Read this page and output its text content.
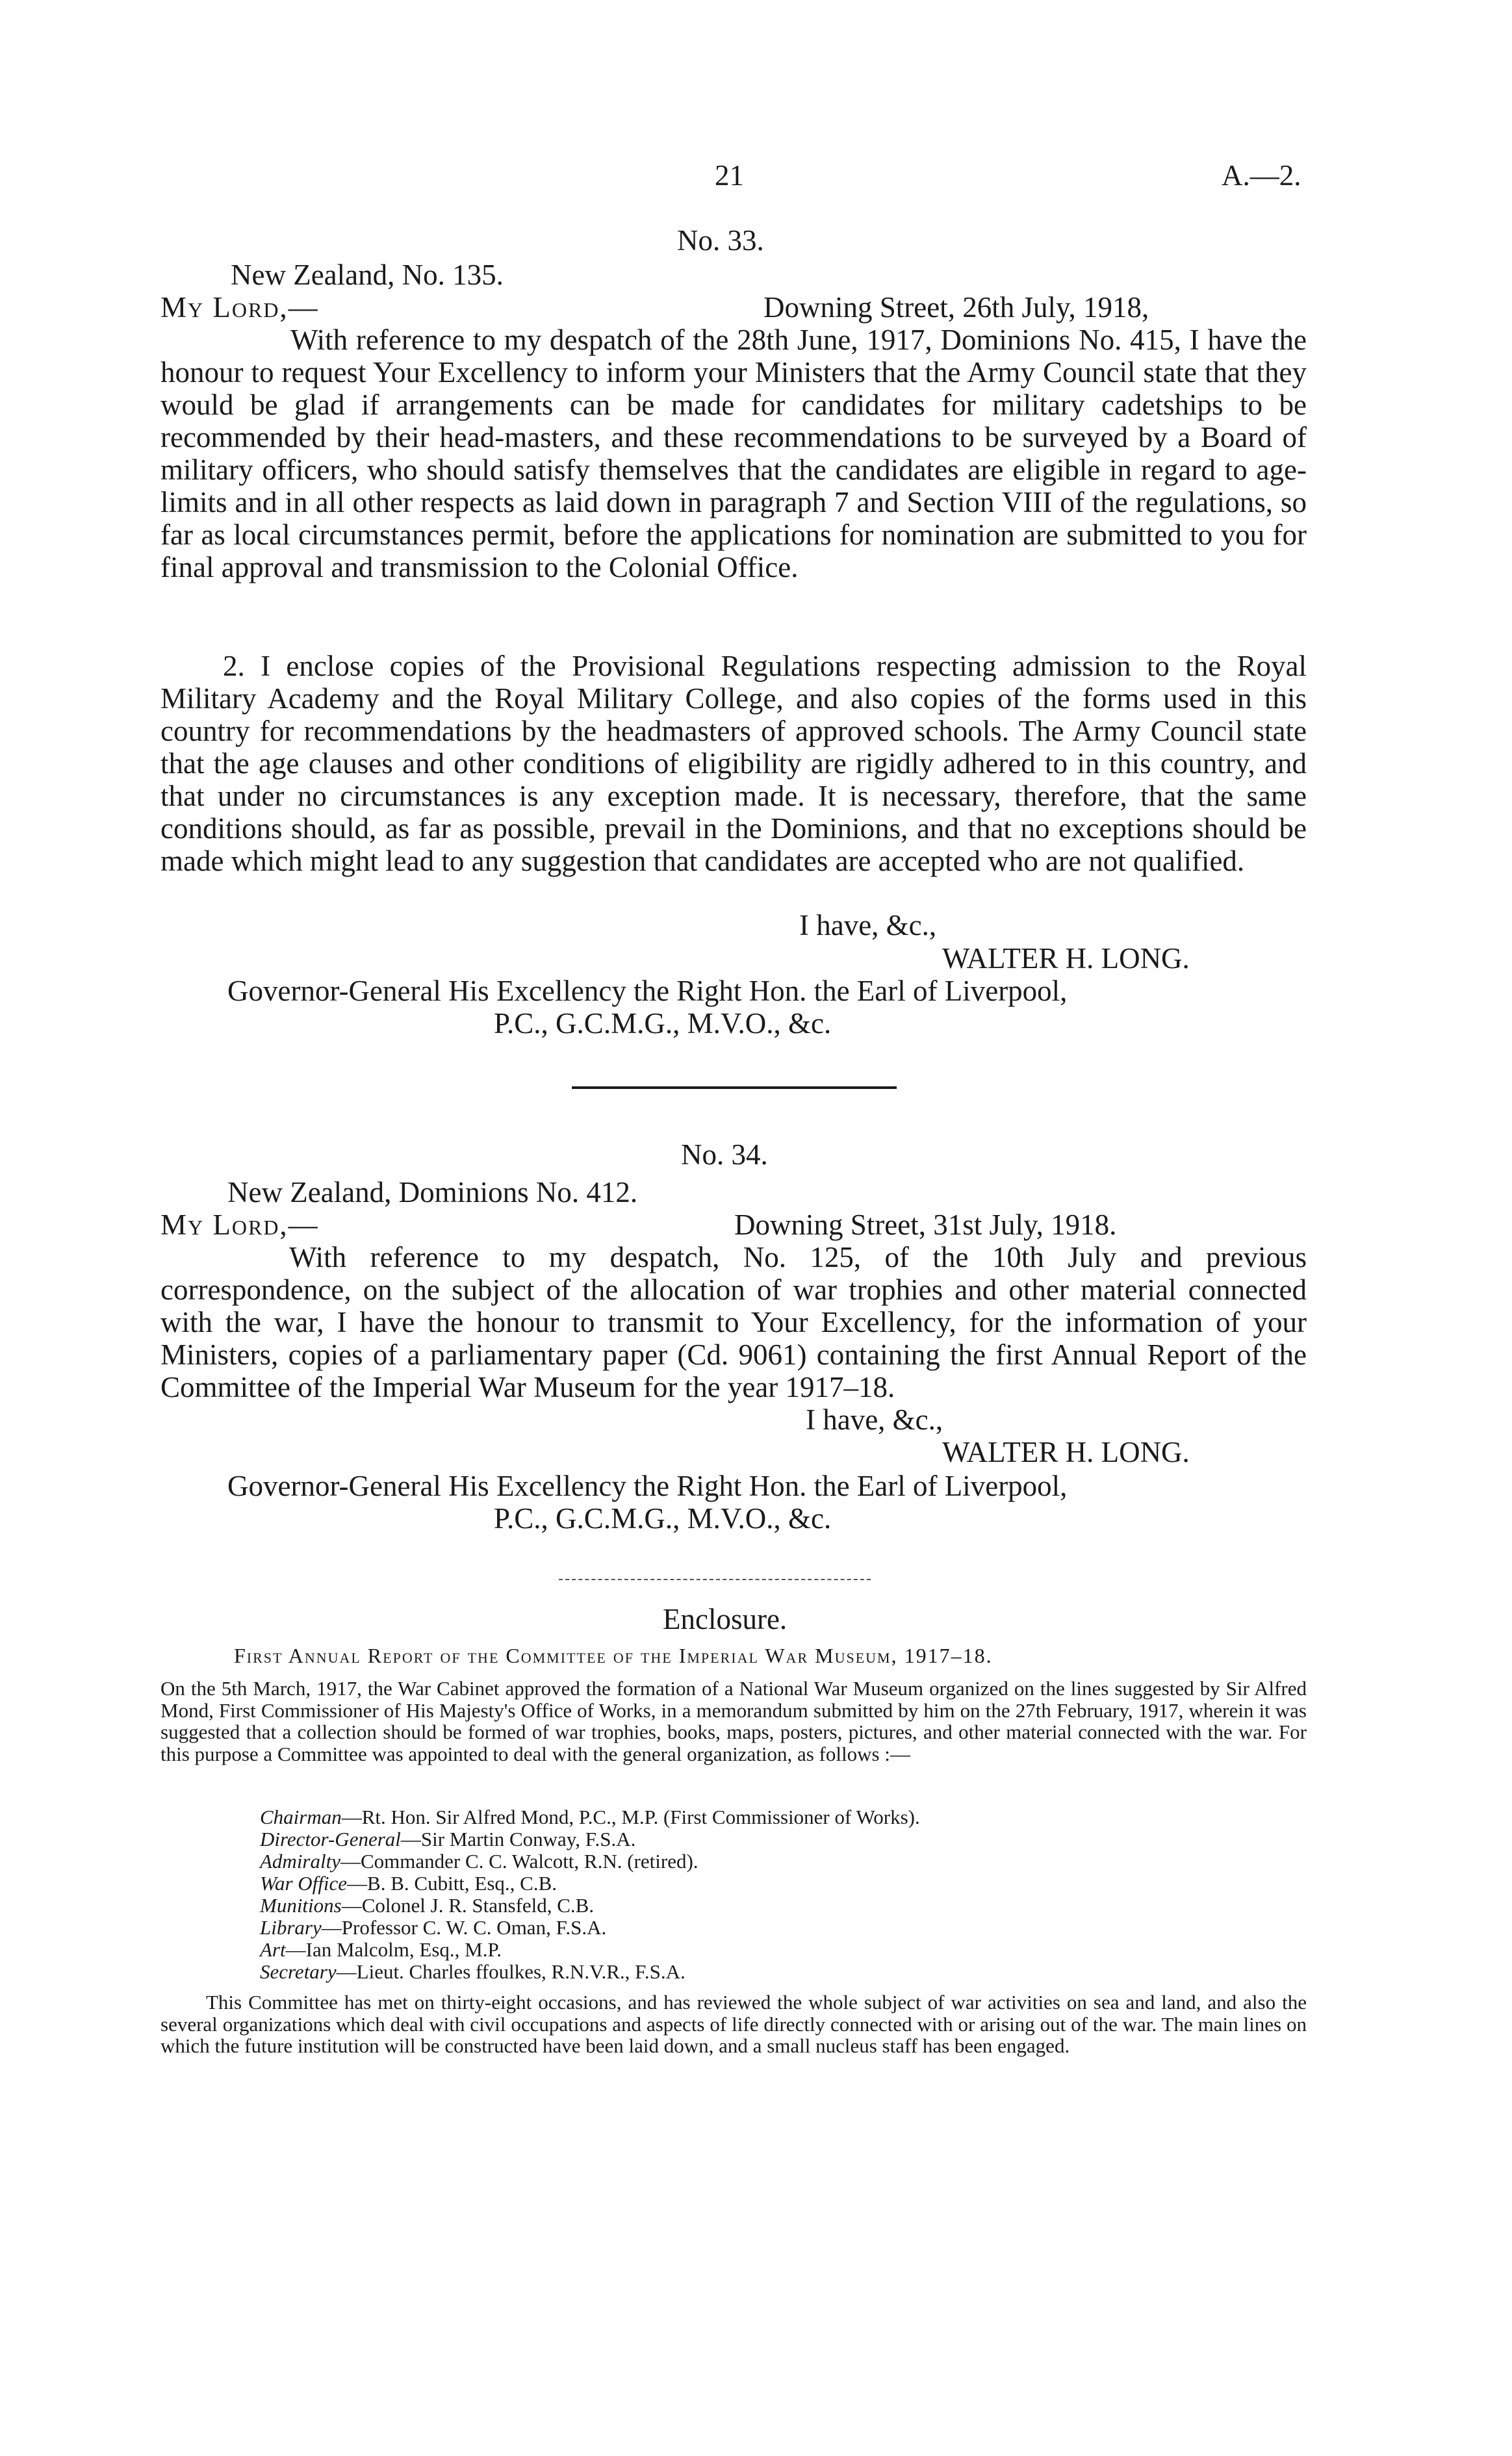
21	A.—2.
No. 33.
New Zealand, No. 135.
My Lord,—	Downing Street, 26th July, 1918,
With reference to my despatch of the 28th June, 1917, Dominions No. 415, I have the honour to request Your Excellency to inform your Ministers that the Army Council state that they would be glad if arrangements can be made for candidates for military cadetships to be recommended by their head-masters, and these recommendations to be surveyed by a Board of military officers, who should satisfy themselves that the candidates are eligible in regard to age-limits and in all other respects as laid down in paragraph 7 and Section VIII of the regulations, so far as local circumstances permit, before the applications for nomination are submitted to you for final approval and transmission to the Colonial Office.
2. I enclose copies of the Provisional Regulations respecting admission to the Royal Military Academy and the Royal Military College, and also copies of the forms used in this country for recommendations by the headmasters of approved schools. The Army Council state that the age clauses and other conditions of eligibility are rigidly adhered to in this country, and that under no circumstances is any exception made. It is necessary, therefore, that the same conditions should, as far as possible, prevail in the Dominions, and that no exceptions should be made which might lead to any suggestion that candidates are accepted who are not qualified.
I have, &c.,
WALTER H. LONG.
Governor-General His Excellency the Right Hon. the Earl of Liverpool,
P.C., G.C.M.G., M.V.O., &c.
No. 34.
New Zealand, Dominions No. 412.
My Lord,—	Downing Street, 31st July, 1918.
With reference to my despatch, No. 125, of the 10th July and previous correspondence, on the subject of the allocation of war trophies and other material connected with the war, I have the honour to transmit to Your Excellency, for the information of your Ministers, copies of a parliamentary paper (Cd. 9061) containing the first Annual Report of the Committee of the Imperial War Museum for the year 1917–18.
I have, &c.,
WALTER H. LONG.
Governor-General His Excellency the Right Hon. the Earl of Liverpool,
P.C., G.C.M.G., M.V.O., &c.
Enclosure.
First Annual Report of the Committee of the Imperial War Museum, 1917–18.
On the 5th March, 1917, the War Cabinet approved the formation of a National War Museum organized on the lines suggested by Sir Alfred Mond, First Commissioner of His Majesty's Office of Works, in a memorandum submitted by him on the 27th February, 1917, wherein it was suggested that a collection should be formed of war trophies, books, maps, posters, pictures, and other material connected with the war. For this purpose a Committee was appointed to deal with the general organization, as follows :—
Chairman—Rt. Hon. Sir Alfred Mond, P.C., M.P. (First Commissioner of Works).
Director-General—Sir Martin Conway, F.S.A.
Admiralty—Commander C. C. Walcott, R.N. (retired).
War Office—B. B. Cubitt, Esq., C.B.
Munitions—Colonel J. R. Stansfeld, C.B.
Library—Professor C. W. C. Oman, F.S.A.
Art—Ian Malcolm, Esq., M.P.
Secretary—Lieut. Charles ffoulkes, R.N.V.R., F.S.A.
This Committee has met on thirty-eight occasions, and has reviewed the whole subject of war activities on sea and land, and also the several organizations which deal with civil occupations and aspects of life directly connected with or arising out of the war. The main lines on which the future institution will be constructed have been laid down, and a small nucleus staff has been engaged.
